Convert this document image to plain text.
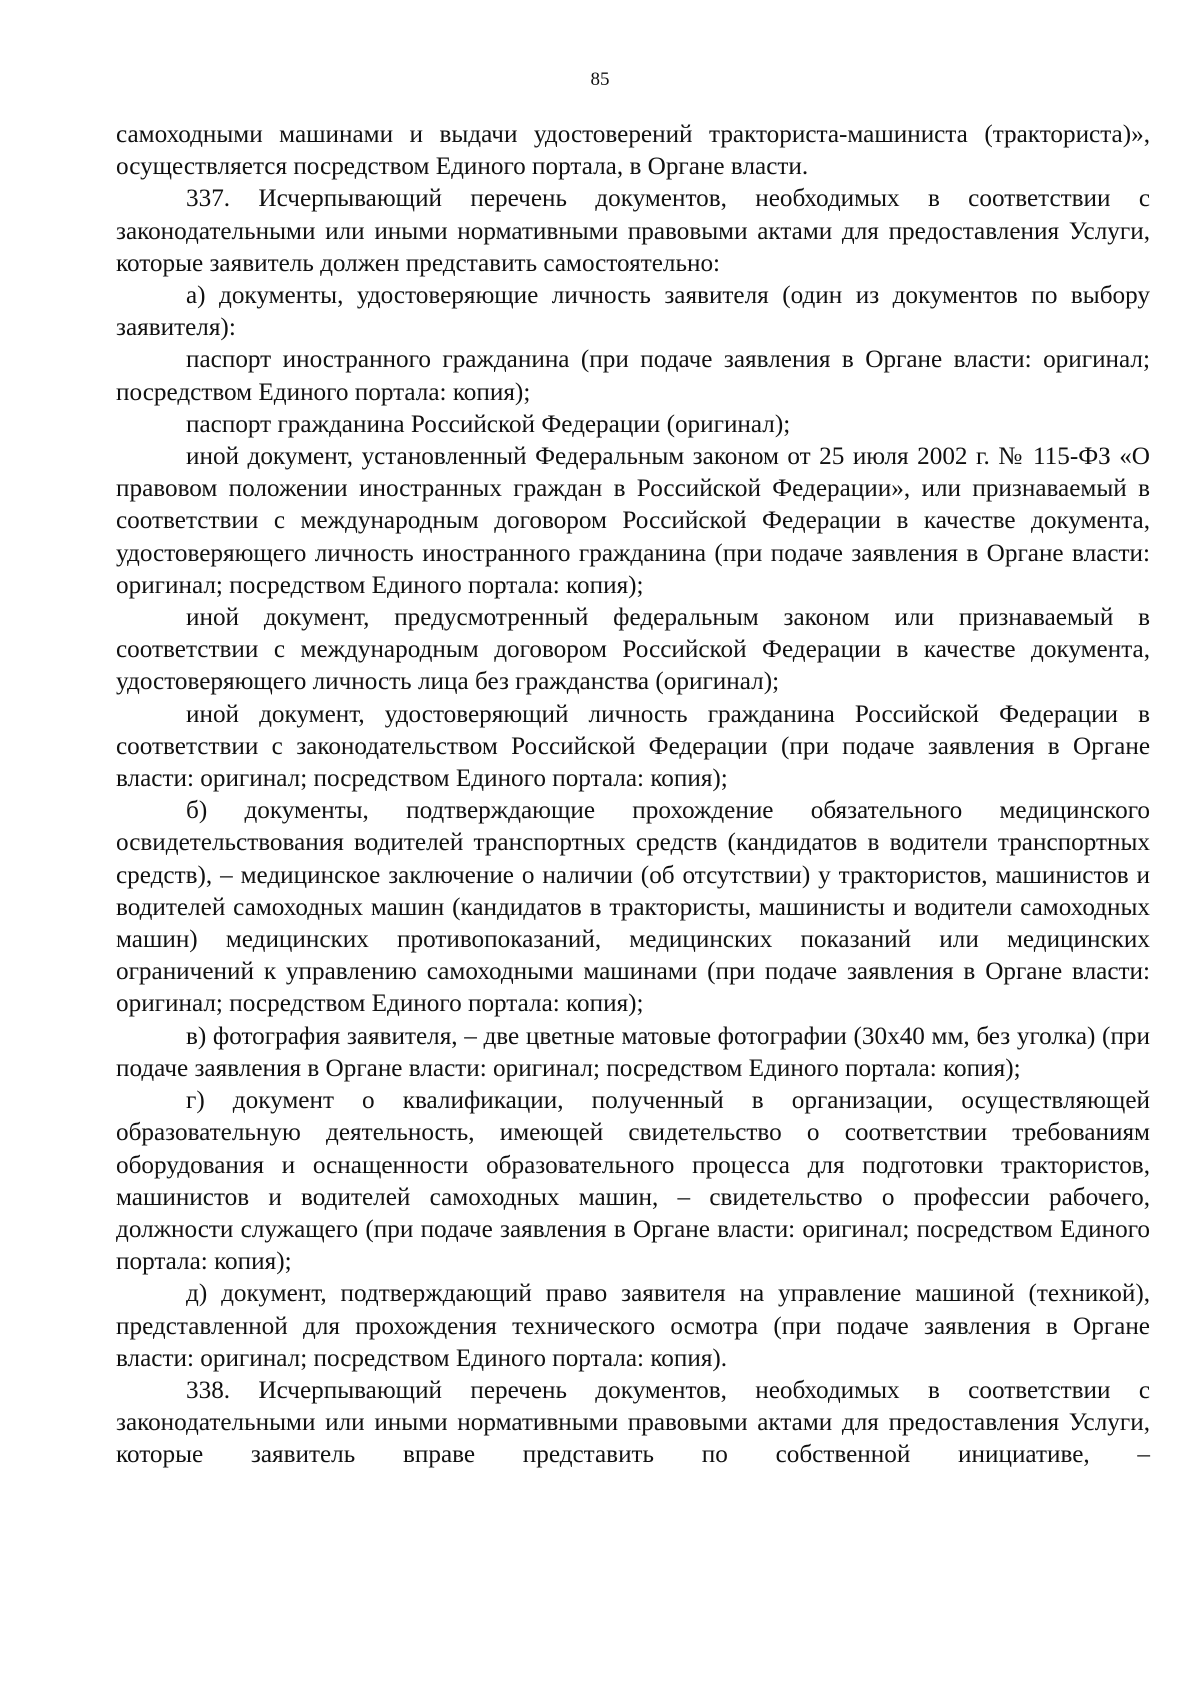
85

самоходными машинами и выдачи удостоверений тракториста-машиниста (тракториста)», осуществляется посредством Единого портала, в Органе власти.

337. Исчерпывающий перечень документов, необходимых в соответствии с законодательными или иными нормативными правовыми актами для предоставления Услуги, которые заявитель должен представить самостоятельно:

а) документы, удостоверяющие личность заявителя (один из документов по выбору заявителя):

паспорт иностранного гражданина (при подаче заявления в Органе власти: оригинал; посредством Единого портала: копия);

паспорт гражданина Российской Федерации (оригинал);

иной документ, установленный Федеральным законом от 25 июля 2002 г. № 115-ФЗ «О правовом положении иностранных граждан в Российской Федерации», или признаваемый в соответствии с международным договором Российской Федерации в качестве документа, удостоверяющего личность иностранного гражданина (при подаче заявления в Органе власти: оригинал; посредством Единого портала: копия);

иной документ, предусмотренный федеральным законом или признаваемый в соответствии с международным договором Российской Федерации в качестве документа, удостоверяющего личность лица без гражданства (оригинал);

иной документ, удостоверяющий личность гражданина Российской Федерации в соответствии с законодательством Российской Федерации (при подаче заявления в Органе власти: оригинал; посредством Единого портала: копия);

б) документы, подтверждающие прохождение обязательного медицинского освидетельствования водителей транспортных средств (кандидатов в водители транспортных средств), – медицинское заключение о наличии (об отсутствии) у трактористов, машинистов и водителей самоходных машин (кандидатов в трактористы, машинисты и водители самоходных машин) медицинских противопоказаний, медицинских показаний или медицинских ограничений к управлению самоходными машинами (при подаче заявления в Органе власти: оригинал; посредством Единого портала: копия);

в) фотография заявителя, – две цветные матовые фотографии (30х40 мм, без уголка) (при подаче заявления в Органе власти: оригинал; посредством Единого портала: копия);

г) документ о квалификации, полученный в организации, осуществляющей образовательную деятельность, имеющей свидетельство о соответствии требованиям оборудования и оснащенности образовательного процесса для подготовки трактористов, машинистов и водителей самоходных машин, – свидетельство о профессии рабочего, должности служащего (при подаче заявления в Органе власти: оригинал; посредством Единого портала: копия);

д) документ, подтверждающий право заявителя на управление машиной (техникой), представленной для прохождения технического осмотра (при подаче заявления в Органе власти: оригинал; посредством Единого портала: копия).

338. Исчерпывающий перечень документов, необходимых в соответствии с законодательными или иными нормативными правовыми актами для предоставления Услуги, которые заявитель вправе представить по собственной инициативе, –
